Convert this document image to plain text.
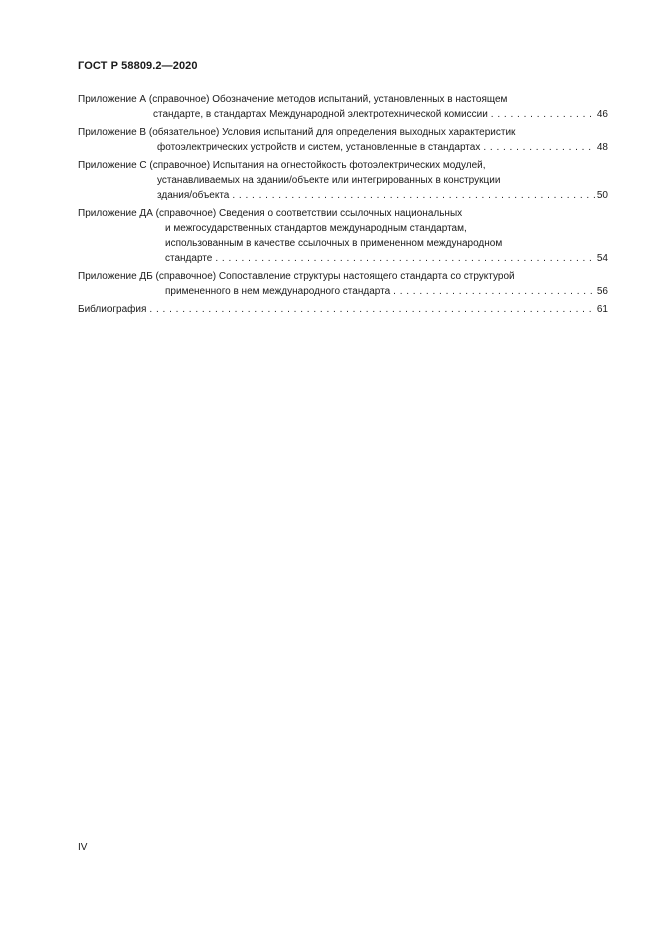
ГОСТ Р 58809.2—2020
Приложение А (справочное) Обозначение методов испытаний, установленных в настоящем
стандарте, в стандартах Международной электротехнической комиссии . . .	46
Приложение В (обязательное) Условия испытаний для определения выходных характеристик
фотоэлектрических устройств и систем, установленные в стандартах . . .	48
Приложение С (справочное) Испытания на огнестойкость фотоэлектрических модулей,
устанавливаемых на здании/объекте или интегрированных в конструкции
здания/объекта . . .	50
Приложение ДА (справочное) Сведения о соответствии ссылочных национальных
и межгосударственных стандартов международным стандартам,
использованным в качестве ссылочных в примененном международном
стандарте . . .	54
Приложение ДБ (справочное) Сопоставление структуры настоящего стандарта со структурой
примененного в нем международного стандарта . . .	56
Библиография . . .	61
IV
